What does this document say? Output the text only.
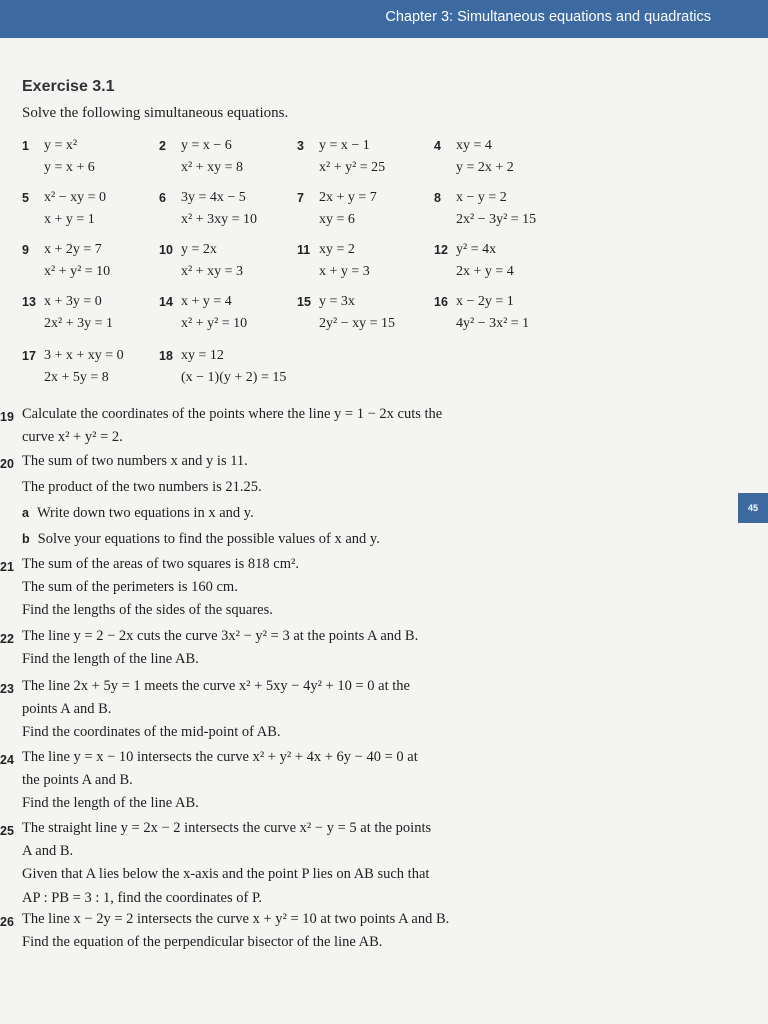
Chapter 3: Simultaneous equations and quadratics
45
Exercise 3.1
Solve the following simultaneous equations.
1 y = x²
y = x + 6
2 y = x − 6
x² + xy = 8
3 y = x − 1
x² + y² = 25
4 xy = 4
y = 2x + 2
5 x² − xy = 0
x + y = 1
6 3y = 4x − 5
x² + 3xy = 10
7 2x + y = 7
xy = 6
8 x − y = 2
2x² − 3y² = 15
9 x + 2y = 7
x² + y² = 10
10 y = 2x
x² + xy = 3
11 xy = 2
x + y = 3
12 y² = 4x
2x + y = 4
13 x + 3y = 0
2x² + 3y = 1
14 x + y = 4
x² + y² = 10
15 y = 3x
2y² − xy = 15
16 x − 2y = 1
4y² − 3x² = 1
17 3 + x + xy = 0
2x + 5y = 8
18 xy = 12
(x − 1)(y + 2) = 15
19 Calculate the coordinates of the points where the line y = 1 − 2x cuts the
curve x² + y² = 2.
20 The sum of two numbers x and y is 11.
The product of the two numbers is 21.25.
a Write down two equations in x and y.
b Solve your equations to find the possible values of x and y.
21 The sum of the areas of two squares is 818 cm².
The sum of the perimeters is 160 cm.
Find the lengths of the sides of the squares.
22 The line y = 2 − 2x cuts the curve 3x² − y² = 3 at the points A and B.
Find the length of the line AB.
23 The line 2x + 5y = 1 meets the curve x² + 5xy − 4y² + 10 = 0 at the
points A and B.
Find the coordinates of the mid-point of AB.
24 The line y = x − 10 intersects the curve x² + y² + 4x + 6y − 40 = 0 at
the points A and B.
Find the length of the line AB.
25 The straight line y = 2x − 2 intersects the curve x² − y = 5 at the points
A and B.
Given that A lies below the x-axis and the point P lies on AB such that
AP : PB = 3 : 1, find the coordinates of P.
26 The line x − 2y = 2 intersects the curve x + y² = 10 at two points A and B.
Find the equation of the perpendicular bisector of the line AB.
